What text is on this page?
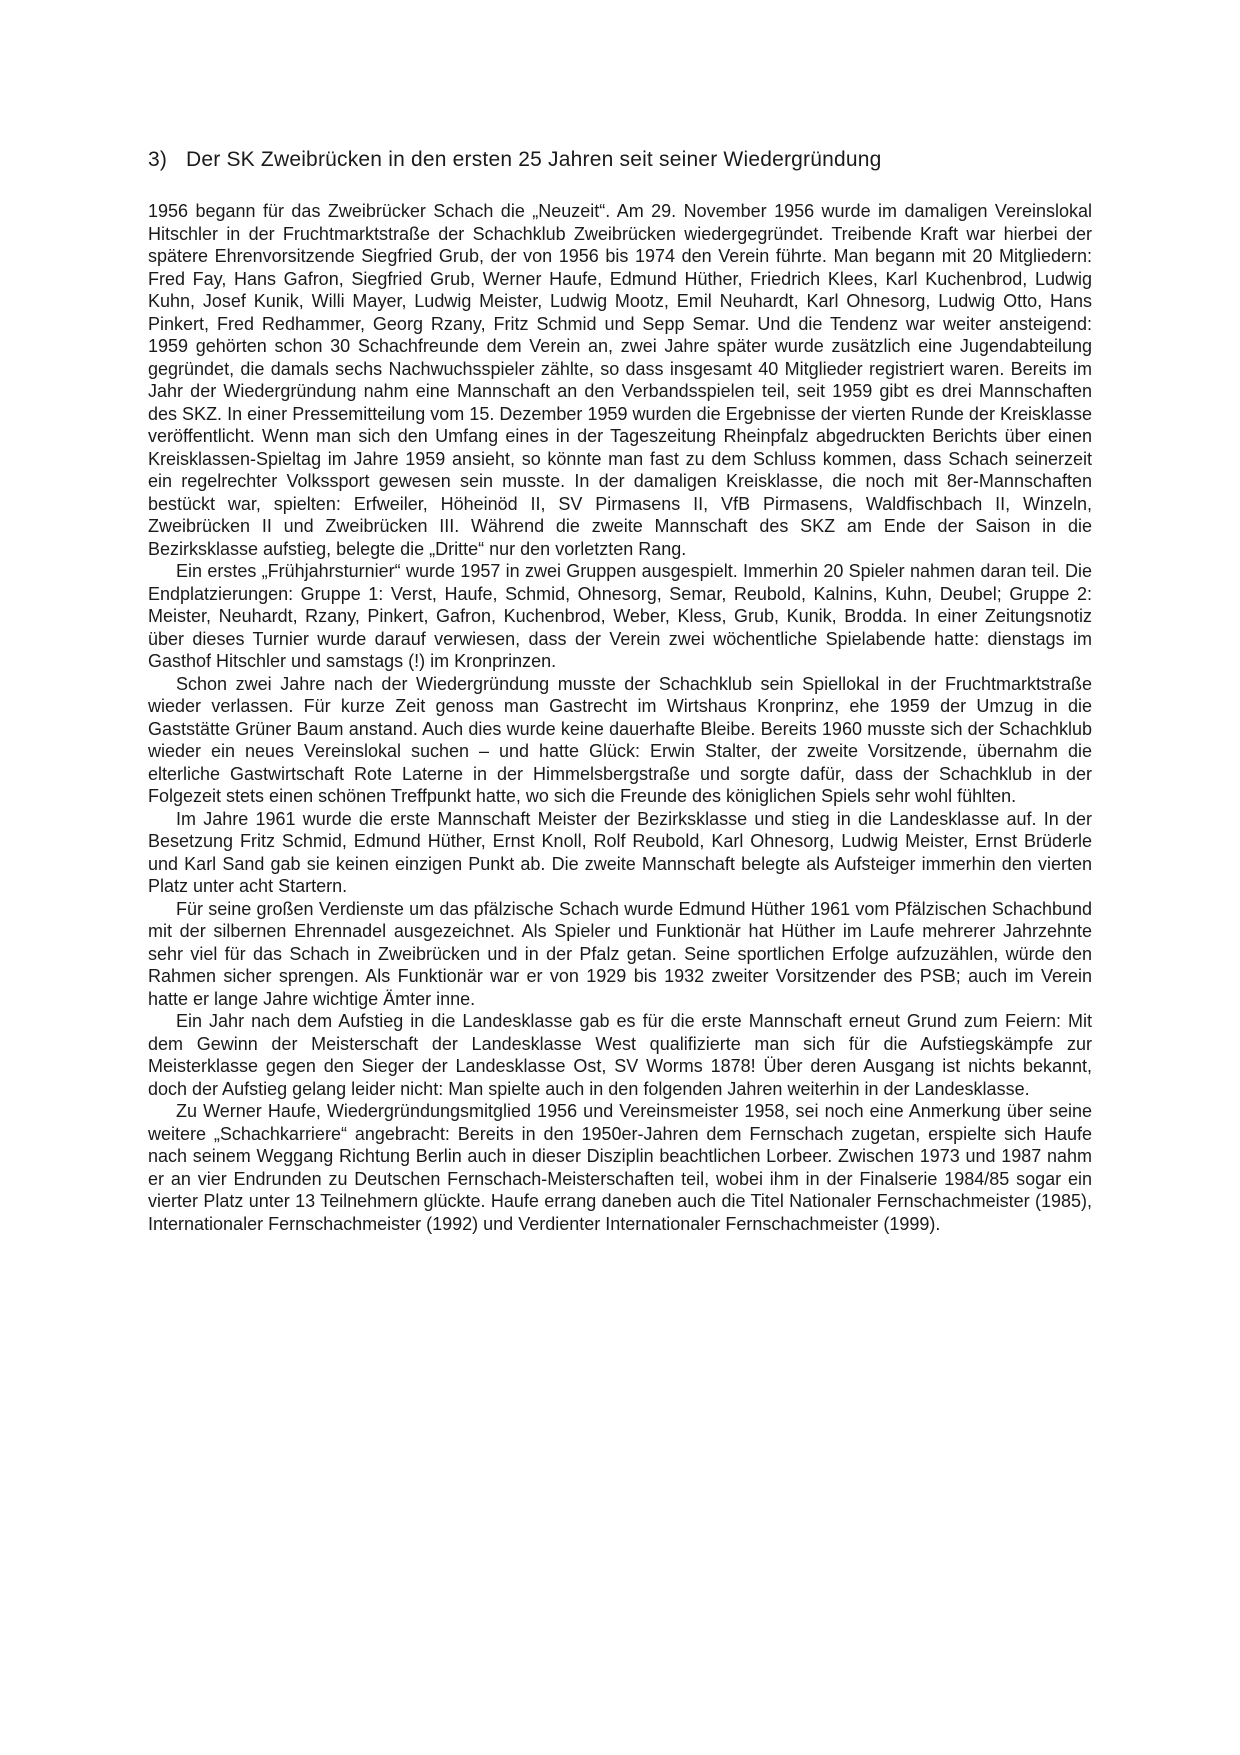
3) Der SK Zweibrücken in den ersten 25 Jahren seit seiner Wiedergründung

1956 begann für das Zweibrücker Schach die „Neuzeit“. Am 29. November 1956 wurde im damaligen Vereinslokal Hitschler in der Fruchtmarktstraße der Schachklub Zweibrücken wiedergegründet. Treibende Kraft war hierbei der spätere Ehrenvorsitzende Siegfried Grub, der von 1956 bis 1974 den Verein führte. Man begann mit 20 Mitgliedern: Fred Fay, Hans Gafron, Siegfried Grub, Werner Haufe, Edmund Hüther, Friedrich Klees, Karl Kuchenbrod, Ludwig Kuhn, Josef Kunik, Willi Mayer, Ludwig Meister, Ludwig Mootz, Emil Neuhardt, Karl Ohnesorg, Ludwig Otto, Hans Pinkert, Fred Redhammer, Georg Rzany, Fritz Schmid und Sepp Semar. Und die Tendenz war weiter ansteigend: 1959 gehörten schon 30 Schachfreunde dem Verein an, zwei Jahre später wurde zusätzlich eine Jugendabteilung gegründet, die damals sechs Nachwuchsspieler zählte, so dass insgesamt 40 Mitglieder registriert waren. Bereits im Jahr der Wiedergründung nahm eine Mannschaft an den Verbandsspielen teil, seit 1959 gibt es drei Mannschaften des SKZ. In einer Pressemitteilung vom 15. Dezember 1959 wurden die Ergebnisse der vierten Runde der Kreisklasse veröffentlicht. Wenn man sich den Umfang eines in der Tageszeitung Rheinpfalz abgedruckten Berichts über einen Kreisklassen-Spieltag im Jahre 1959 ansieht, so könnte man fast zu dem Schluss kommen, dass Schach seinerzeit ein regelrechter Volkssport gewesen sein musste. In der damaligen Kreisklasse, die noch mit 8er-Mannschaften bestückt war, spielten: Erfweiler, Höheinöd II, SV Pirmasens II, VfB Pirmasens, Waldfischbach II, Winzeln, Zweibrücken II und Zweibrücken III. Während die zweite Mannschaft des SKZ am Ende der Saison in die Bezirksklasse aufstieg, belegte die „Dritte“ nur den vorletzten Rang.

Ein erstes „Frühjahrsturnier“ wurde 1957 in zwei Gruppen ausgespielt. Immerhin 20 Spieler nahmen daran teil. Die Endplatzierungen: Gruppe 1: Verst, Haufe, Schmid, Ohnesorg, Semar, Reubold, Kalnins, Kuhn, Deubel; Gruppe 2: Meister, Neuhardt, Rzany, Pinkert, Gafron, Kuchenbrod, Weber, Kless, Grub, Kunik, Brodda. In einer Zeitungsnotiz über dieses Turnier wurde darauf verwiesen, dass der Verein zwei wöchentliche Spielabende hatte: dienstags im Gasthof Hitschler und samstags (!) im Kronprinzen.

Schon zwei Jahre nach der Wiedergründung musste der Schachklub sein Spiellokal in der Fruchtmarktstraße wieder verlassen. Für kurze Zeit genoss man Gastrecht im Wirtshaus Kronprinz, ehe 1959 der Umzug in die Gaststätte Grüner Baum anstand. Auch dies wurde keine dauerhafte Bleibe. Bereits 1960 musste sich der Schachklub wieder ein neues Vereinslokal suchen – und hatte Glück: Erwin Stalter, der zweite Vorsitzende, übernahm die elterliche Gastwirtschaft Rote Laterne in der Himmelsbergstraße und sorgte dafür, dass der Schachklub in der Folgezeit stets einen schönen Treffpunkt hatte, wo sich die Freunde des königlichen Spiels sehr wohl fühlten.

Im Jahre 1961 wurde die erste Mannschaft Meister der Bezirksklasse und stieg in die Landesklasse auf. In der Besetzung Fritz Schmid, Edmund Hüther, Ernst Knoll, Rolf Reubold, Karl Ohnesorg, Ludwig Meister, Ernst Brüderle und Karl Sand gab sie keinen einzigen Punkt ab. Die zweite Mannschaft belegte als Aufsteiger immerhin den vierten Platz unter acht Startern.

Für seine großen Verdienste um das pfälzische Schach wurde Edmund Hüther 1961 vom Pfälzischen Schachbund mit der silbernen Ehrennadel ausgezeichnet. Als Spieler und Funktionär hat Hüther im Laufe mehrerer Jahrzehnte sehr viel für das Schach in Zweibrücken und in der Pfalz getan. Seine sportlichen Erfolge aufzuzählen, würde den Rahmen sicher sprengen. Als Funktionär war er von 1929 bis 1932 zweiter Vorsitzender des PSB; auch im Verein hatte er lange Jahre wichtige Ämter inne.

Ein Jahr nach dem Aufstieg in die Landesklasse gab es für die erste Mannschaft erneut Grund zum Feiern: Mit dem Gewinn der Meisterschaft der Landesklasse West qualifizierte man sich für die Aufstiegskämpfe zur Meisterklasse gegen den Sieger der Landesklasse Ost, SV Worms 1878! Über deren Ausgang ist nichts bekannt, doch der Aufstieg gelang leider nicht: Man spielte auch in den folgenden Jahren weiterhin in der Landesklasse.

Zu Werner Haufe, Wiedergründungsmitglied 1956 und Vereinsmeister 1958, sei noch eine Anmerkung über seine weitere „Schachkarriere“ angebracht: Bereits in den 1950er-Jahren dem Fernschach zugetan, erspielte sich Haufe nach seinem Weggang Richtung Berlin auch in dieser Disziplin beachtlichen Lorbeer. Zwischen 1973 und 1987 nahm er an vier Endrunden zu Deutschen Fernschach-Meisterschaften teil, wobei ihm in der Finalserie 1984/85 sogar ein vierter Platz unter 13 Teilnehmern glückte. Haufe errang daneben auch die Titel Nationaler Fernschachmeister (1985), Internationaler Fernschachmeister (1992) und Verdienter Internationaler Fernschachmeister (1999).
